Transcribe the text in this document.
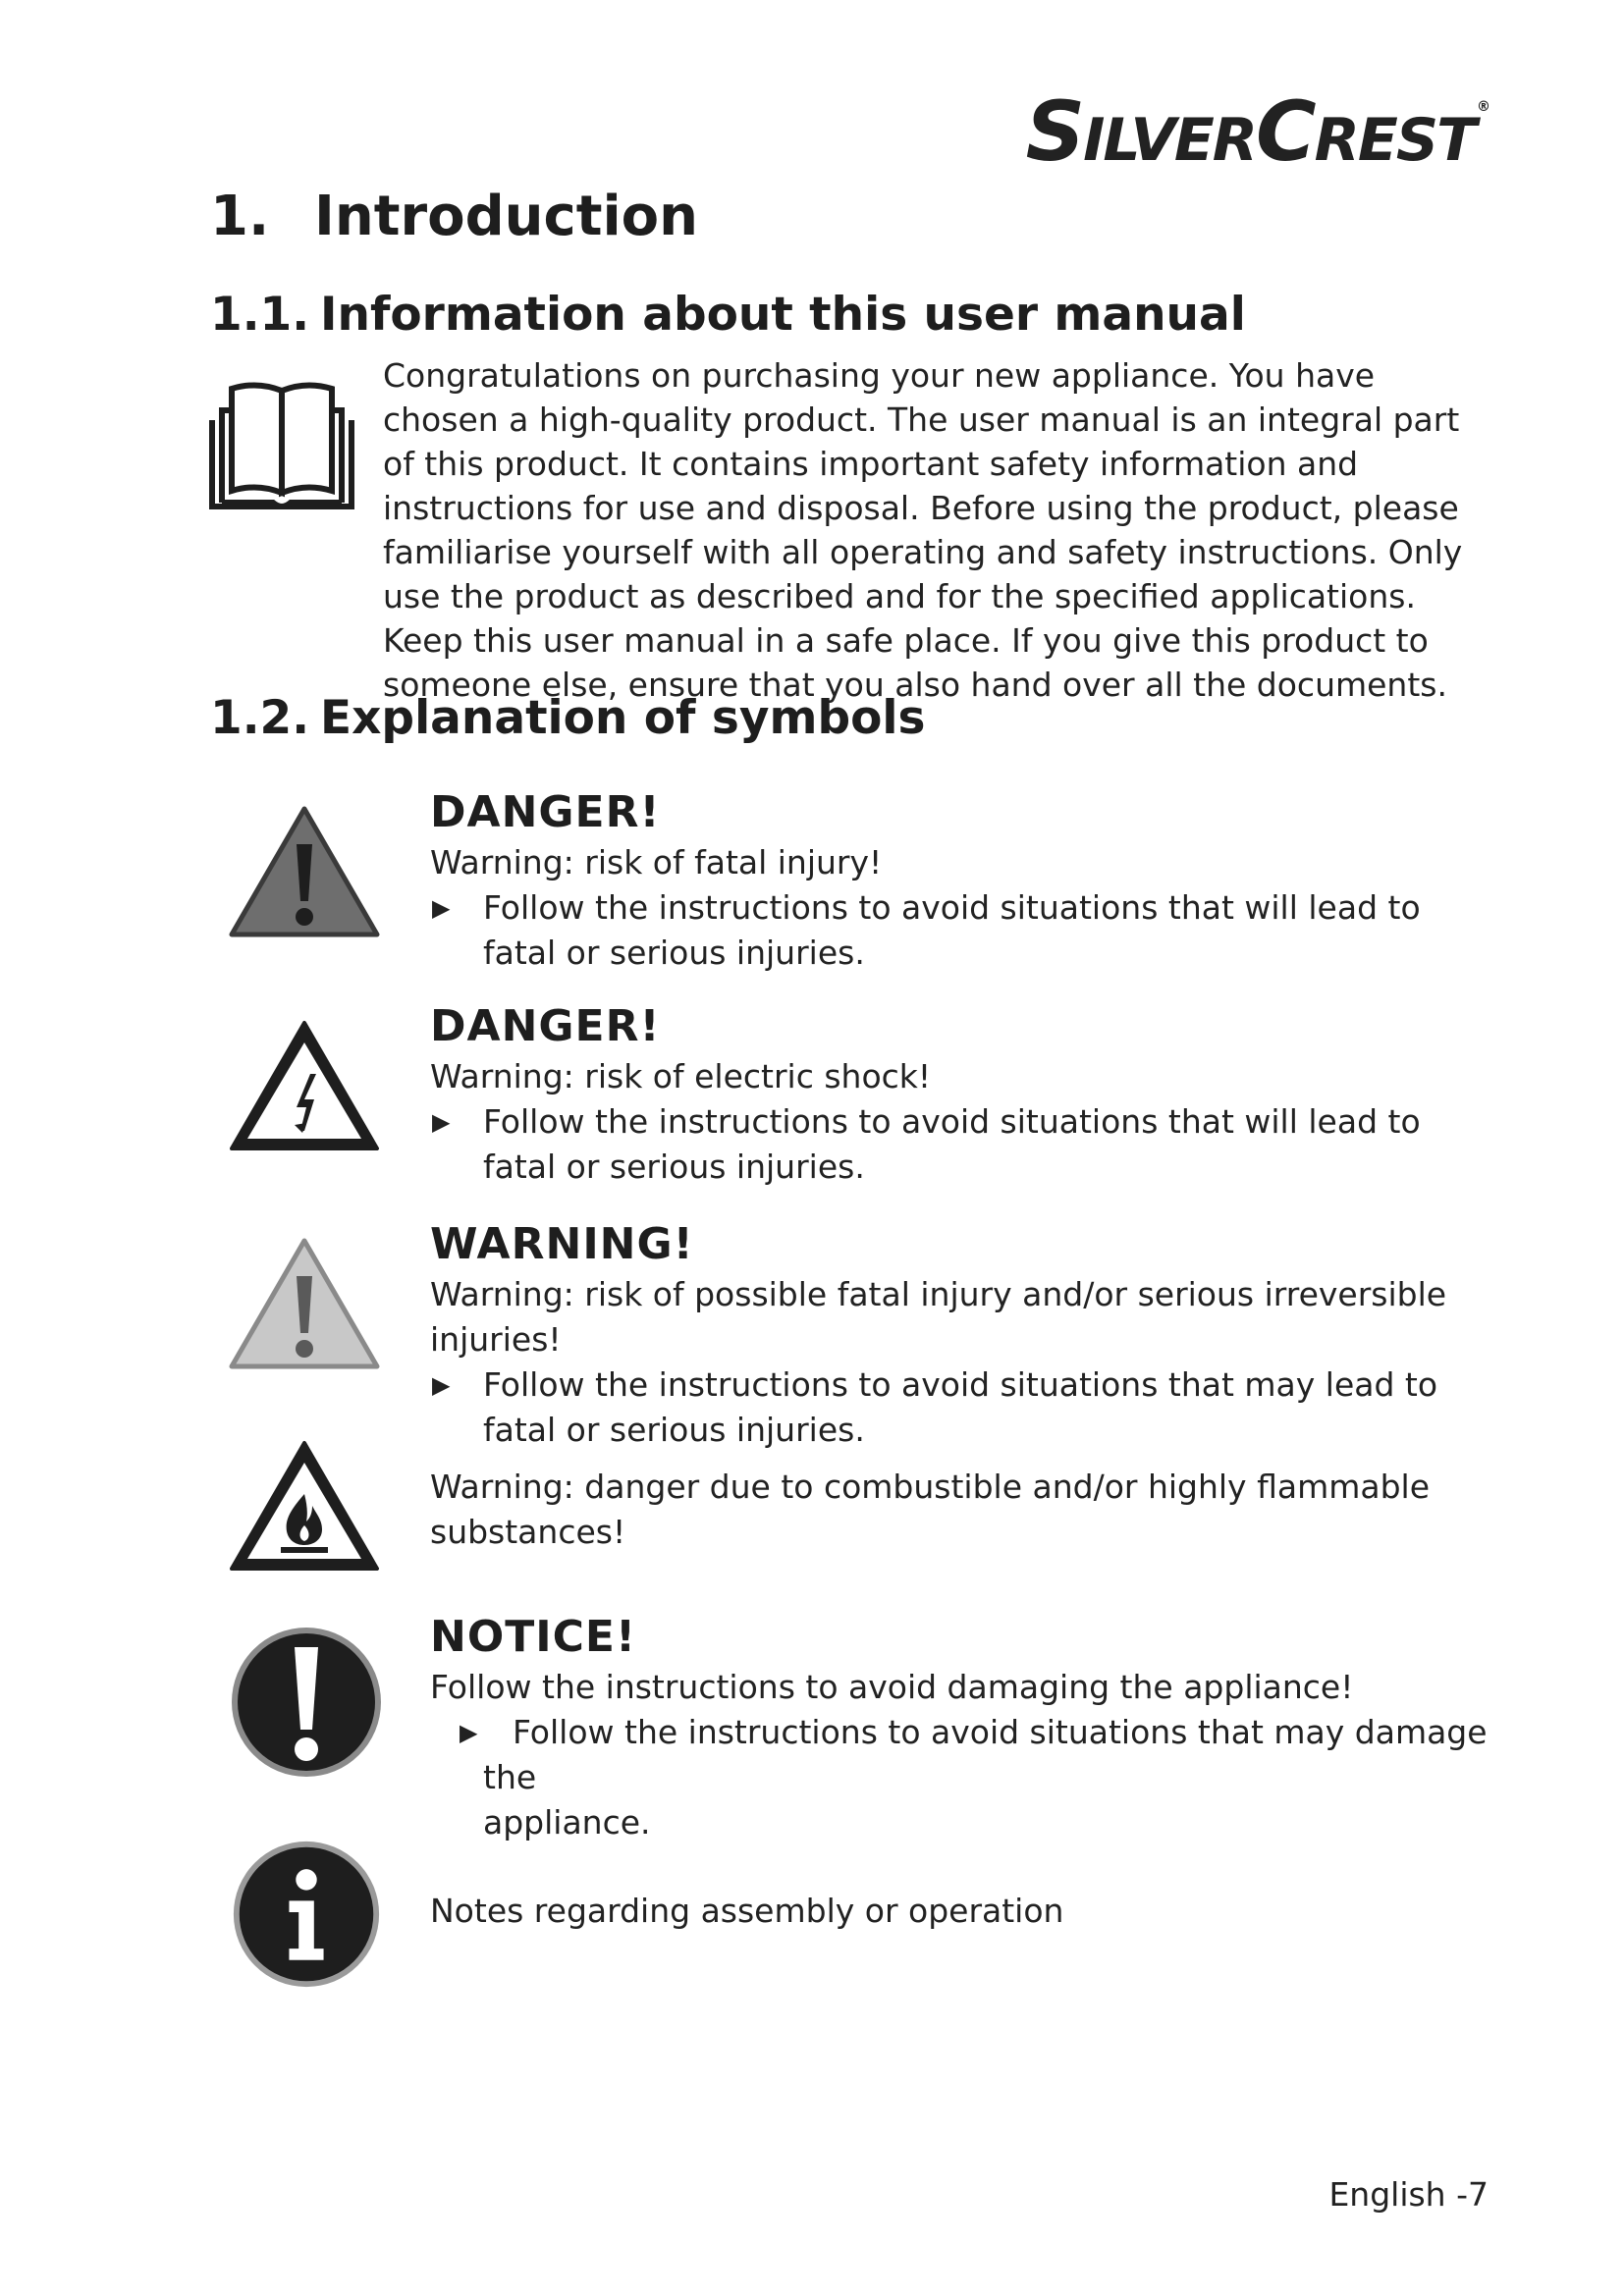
SILVERCREST ®
1. Introduction
1.1. Information about this user manual
Congratulations on purchasing your new appliance. You have chosen a high-quality product. The user manual is an integral part of this product. It contains important safety information and instructions for use and disposal. Before using the product, please familiarise yourself with all operating and safety instructions. Only use the product as described and for the specified applications. Keep this user manual in a safe place. If you give this product to someone else, ensure that you also hand over all the documents.
1.2. Explanation of symbols
DANGER!
Warning: risk of fatal injury!
▶ Follow the instructions to avoid situations that will lead to fatal or serious injuries.
DANGER!
Warning: risk of electric shock!
▶ Follow the instructions to avoid situations that will lead to fatal or serious injuries.
WARNING!
Warning: risk of possible fatal injury and/or serious irreversible injuries!
▶ Follow the instructions to avoid situations that may lead to fatal or serious injuries.
Warning: danger due to combustible and/or highly flammable substances!
NOTICE!
Follow the instructions to avoid damaging the appliance!
▶ Follow the instructions to avoid situations that may damage the
appliance.
Notes regarding assembly or operation
English -7
